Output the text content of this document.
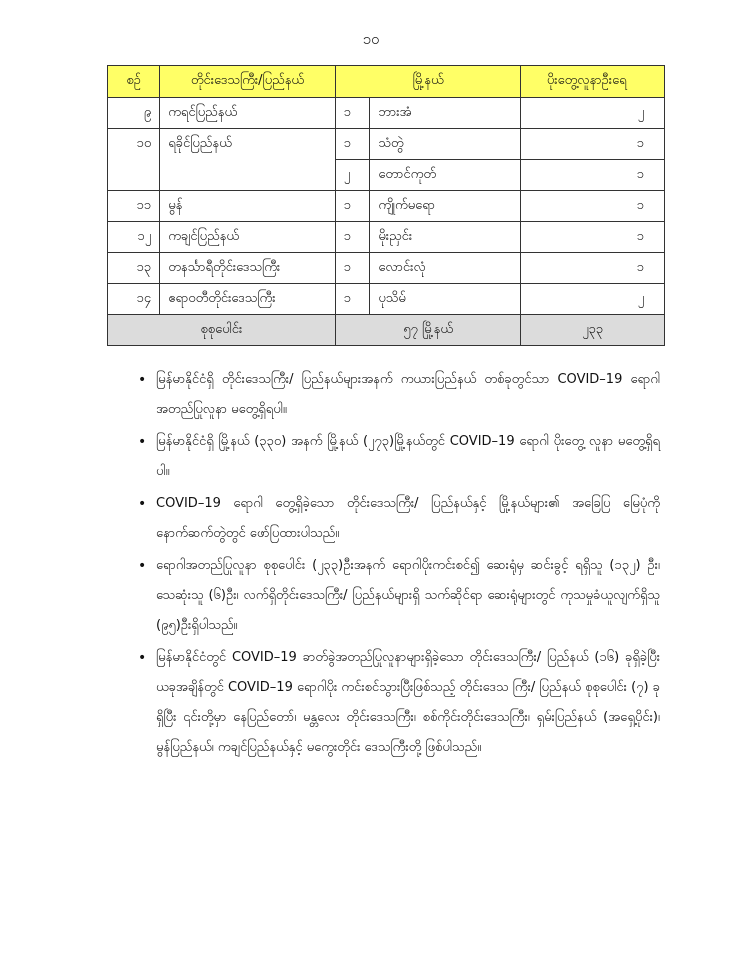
၁၀
စဉ်	တိုင်းဒေသကြီး/ပြည်နယ်	မြို့နယ်		ပိုးတွေ့လူနာဦးရေ
၉	ကရင်ပြည်နယ်	၁	ဘားအံ	၂
၁၀	ရခိုင်ပြည်နယ်	၁	သံတွဲ	၁
		၂	တောင်ကုတ်	၁
၁၁	မွန်	၁	ကျိုက်မရော	၁
၁၂	ကချင်ပြည်နယ်	၁	မိုးညှင်း	၁
၁၃	တနင်္သာရီတိုင်းဒေသကြီး	၁	လောင်းလုံ	၁
၁၄	ဧရာဝတီတိုင်းဒေသကြီး	၁	ပုသိမ်	၂
စုစုပေါင်း		၅၇ မြို့နယ်		၂၃၃
• မြန်မာနိုင်ငံရှိ တိုင်းဒေသကြီး/ ပြည်နယ်များအနက် ကယားပြည်နယ် တစ်ခုတွင်သာ COVID–19 ရောဂါ အတည်ပြုလူနာ မတွေ့ရှိရပါ။
• မြန်မာနိုင်ငံရှိ မြို့နယ် (၃၃၀) အနက် မြို့နယ် (၂၇၃)မြို့နယ်တွင် COVID–19 ရောဂါ ပိုးတွေ့ လူနာ မတွေ့ရှိရပါ။
• COVID–19 ရောဂါ တွေ့ရှိခဲ့သော တိုင်းဒေသကြီး/ ပြည်နယ်နှင့် မြို့နယ်များ၏ အခြေပြ မြေပုံကို နောက်ဆက်တွဲတွင် ဖော်ပြထားပါသည်။
• ရောဂါအတည်ပြုလူနာ စုစုပေါင်း (၂၃၃)ဦးအနက် ရောဂါပိုးကင်းစင်၍ ဆေးရုံမှ ဆင်းခွင့် ရရှိသူ (၁၃၂) ဦး၊ သေဆုံးသူ (၆)ဦး၊ လက်ရှိတိုင်းဒေသကြီး/ ပြည်နယ်များရှိ သက်ဆိုင်ရာ ဆေးရုံများတွင် ကုသမှုခံယူလျက်ရှိသူ (၉၅)ဦးရှိပါသည်။
• မြန်မာနိုင်ငံတွင် COVID–19 ခာတ်ခွဲအတည်ပြုလူနာများရှိခဲ့သော တိုင်းဒေသကြီး/ ပြည်နယ် (၁၆) ခုရှိခဲ့ပြီး ယခုအချိန်တွင် COVID–19 ရောဂါပိုး ကင်းစင်သွားပြီးဖြစ်သည့် တိုင်းဒေသ ကြီး/ ပြည်နယ် စုစုပေါင်း (၇) ခုရှိပြီး ၎င်းတို့မှာ နေပြည်တော်၊ မန္တလေး တိုင်းဒေသကြီး၊ စစ်ကိုင်းတိုင်းဒေသကြီး၊ ရှမ်းပြည်နယ် (အရှေ့ပိုင်း)၊ မွန်ပြည်နယ်၊ ကချင်ပြည်နယ်နှင့် မကွေးတိုင်း ဒေသကြီးတို့ ဖြစ်ပါသည်။
